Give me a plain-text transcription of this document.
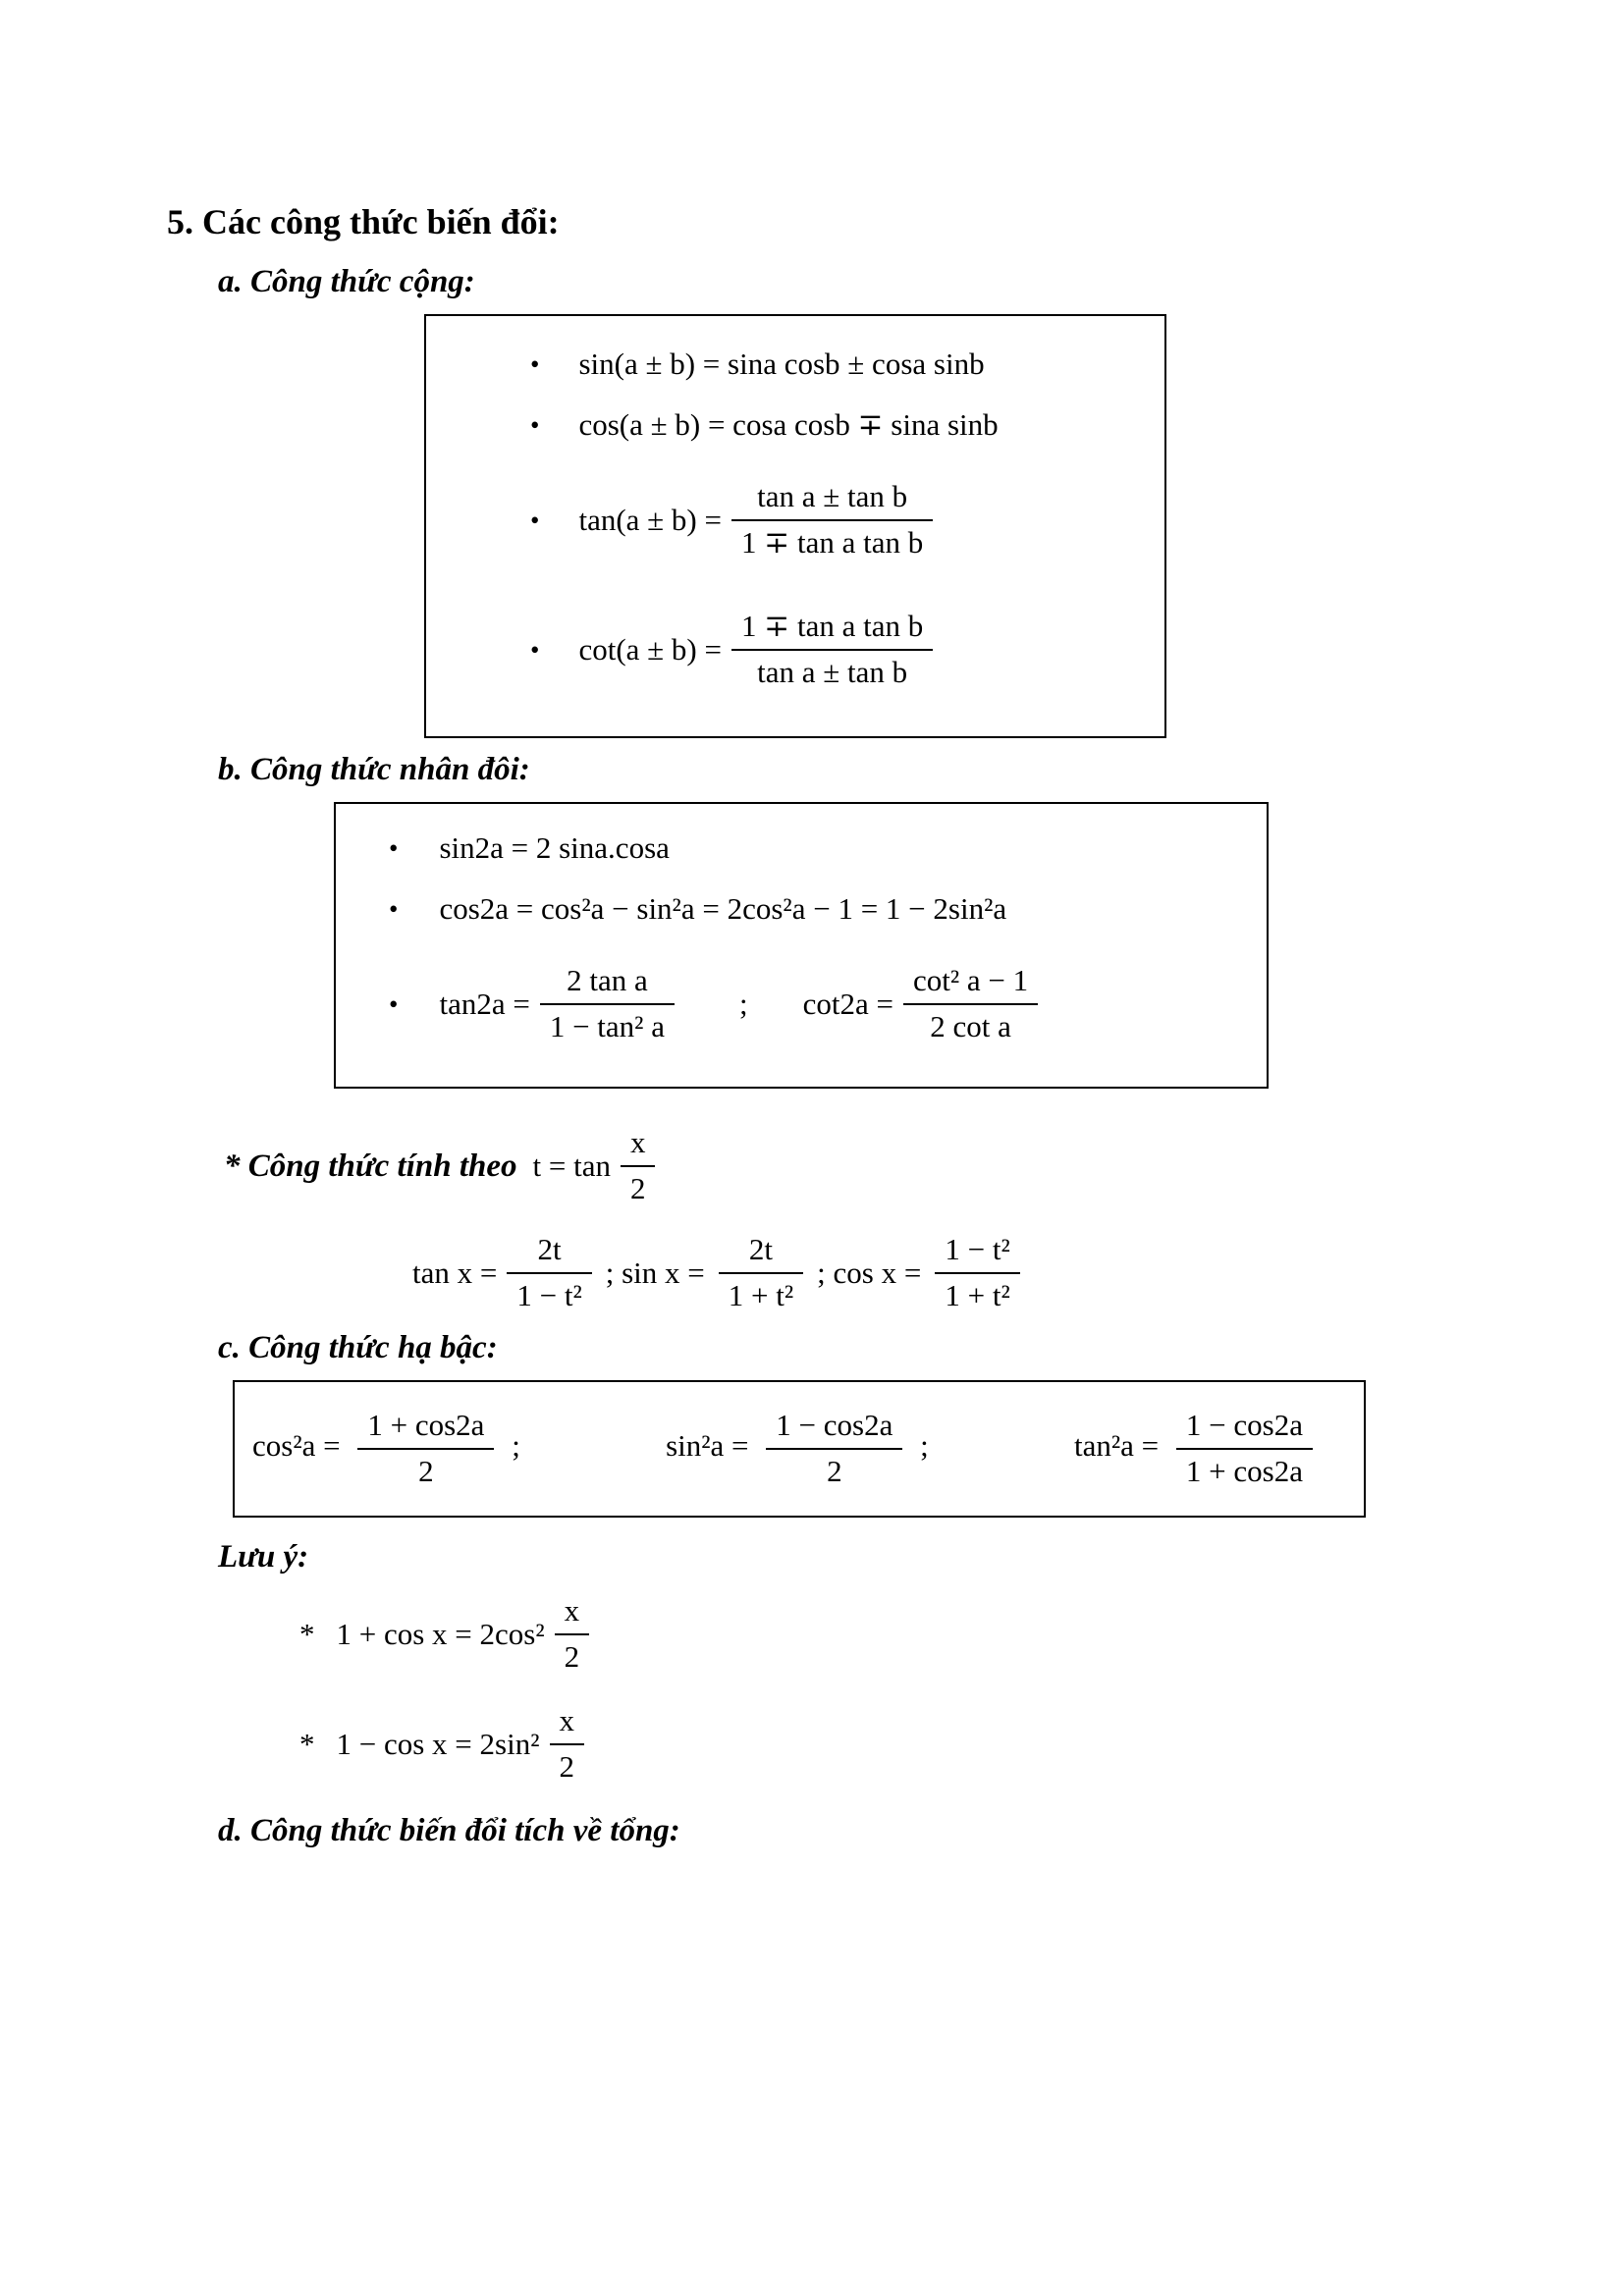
5. Các công thức biến đổi:
a. Công thức cộng:
• sin(a ± b) = sina cosb ± cosa sinb
• cos(a ± b) = cosa cosb ∓ sina sinb
• $\tan(a \pm b) = \frac{\text{tan a ± tan b}}{\text{1 ∓ tan a tan b}}$
• $\cot(a \pm b) = \frac{\text{1 ∓ tan a tan b}}{\text{tan a ± tan b}}$
b. Công thức nhân đôi:
• sin2a = 2 sina.cosa
• cos2a = cos²a − sin²a = 2cos²a − 1 = 1 − 2sin²a
• $\tan 2a = \frac{\text{2 tan a}}{\text{1 − tan² a}}$ ; $\cot 2a = \frac{\text{cot² a − 1}}{\text{2 cot a}}$
* Công thức tính theo $t = \tan \frac{x}{2}$
$\tan x = \frac{2t}{\text{1 − t²}}$ ; $\sin x = \frac{2t}{\text{1 + t²}}$ ; $\cos x = \frac{\text{1 − t²}}{\text{1 + t²}}$
c. Công thức hạ bậc:
$\cos^2a = \frac{1 + \cos 2a}{2}$ ;	$\sin^2a = \frac{1 - \cos 2a}{2}$ ;	$\tan^2a = \frac{1 - \cos 2a}{1 + \cos 2a}$
Lưu ý:
* $1 + \cos x = 2\cos^2 \frac{x}{2}$
* $1 - \cos x = 2\sin^2 \frac{x}{2}$
d. Công thức biến đổi tích về tổng:
